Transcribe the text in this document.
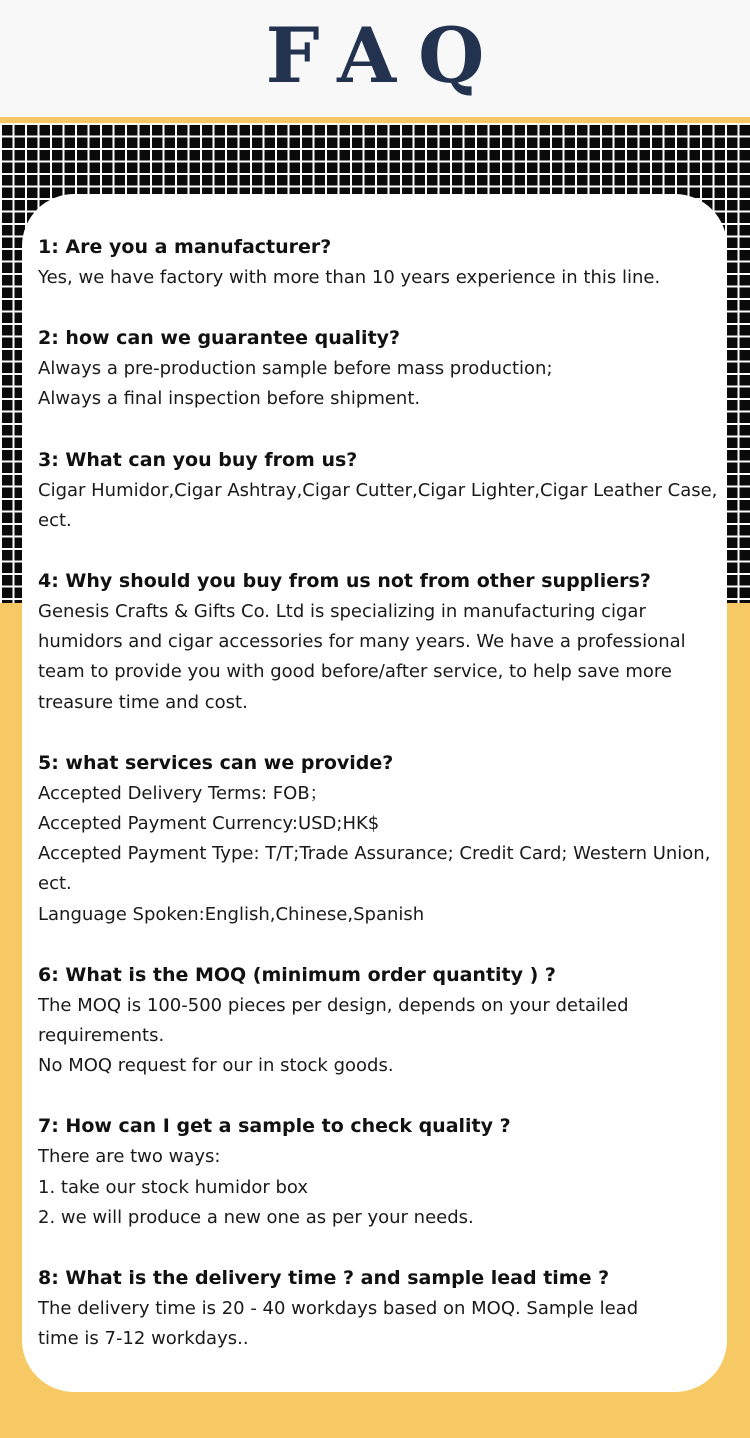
FAQ

1: Are you a manufacturer?

Yes, we have factory with more than 10 years experience in this line.

2: how can we guarantee quality?

Always a pre-production sample before mass production;

Always a final inspection before shipment.

3: What can you buy from us?

Cigar Humidor,Cigar Ashtray,Cigar Cutter,Cigar Lighter,Cigar Leather Case,

ect.

4: Why should you buy from us not from other suppliers?

Genesis Crafts & Gifts Co. Ltd is specializing in manufacturing cigar

humidors and cigar accessories for many years. We have a professional

team to provide you with good before/after service, to help save more

treasure time and cost.

5: what services can we provide?

Accepted Delivery Terms: FOB；

Accepted Payment Currency:USD;HK$

Accepted Payment Type: T/T;Trade Assurance; Credit Card; Western Union,

ect.

Language Spoken:English,Chinese,Spanish

6: What is the MOQ (minimum order quantity ) ?

The MOQ is 100-500 pieces per design, depends on your detailed

requirements.

No MOQ request for our in stock goods.

7: How can I get a sample to check quality ?

There are two ways:

1. take our stock humidor box

2. we will produce a new one as per your needs.

8: What is the delivery time ? and sample lead time ?

The delivery time is 20 - 40 workdays based on MOQ. Sample lead

time is 7-12 workdays..
